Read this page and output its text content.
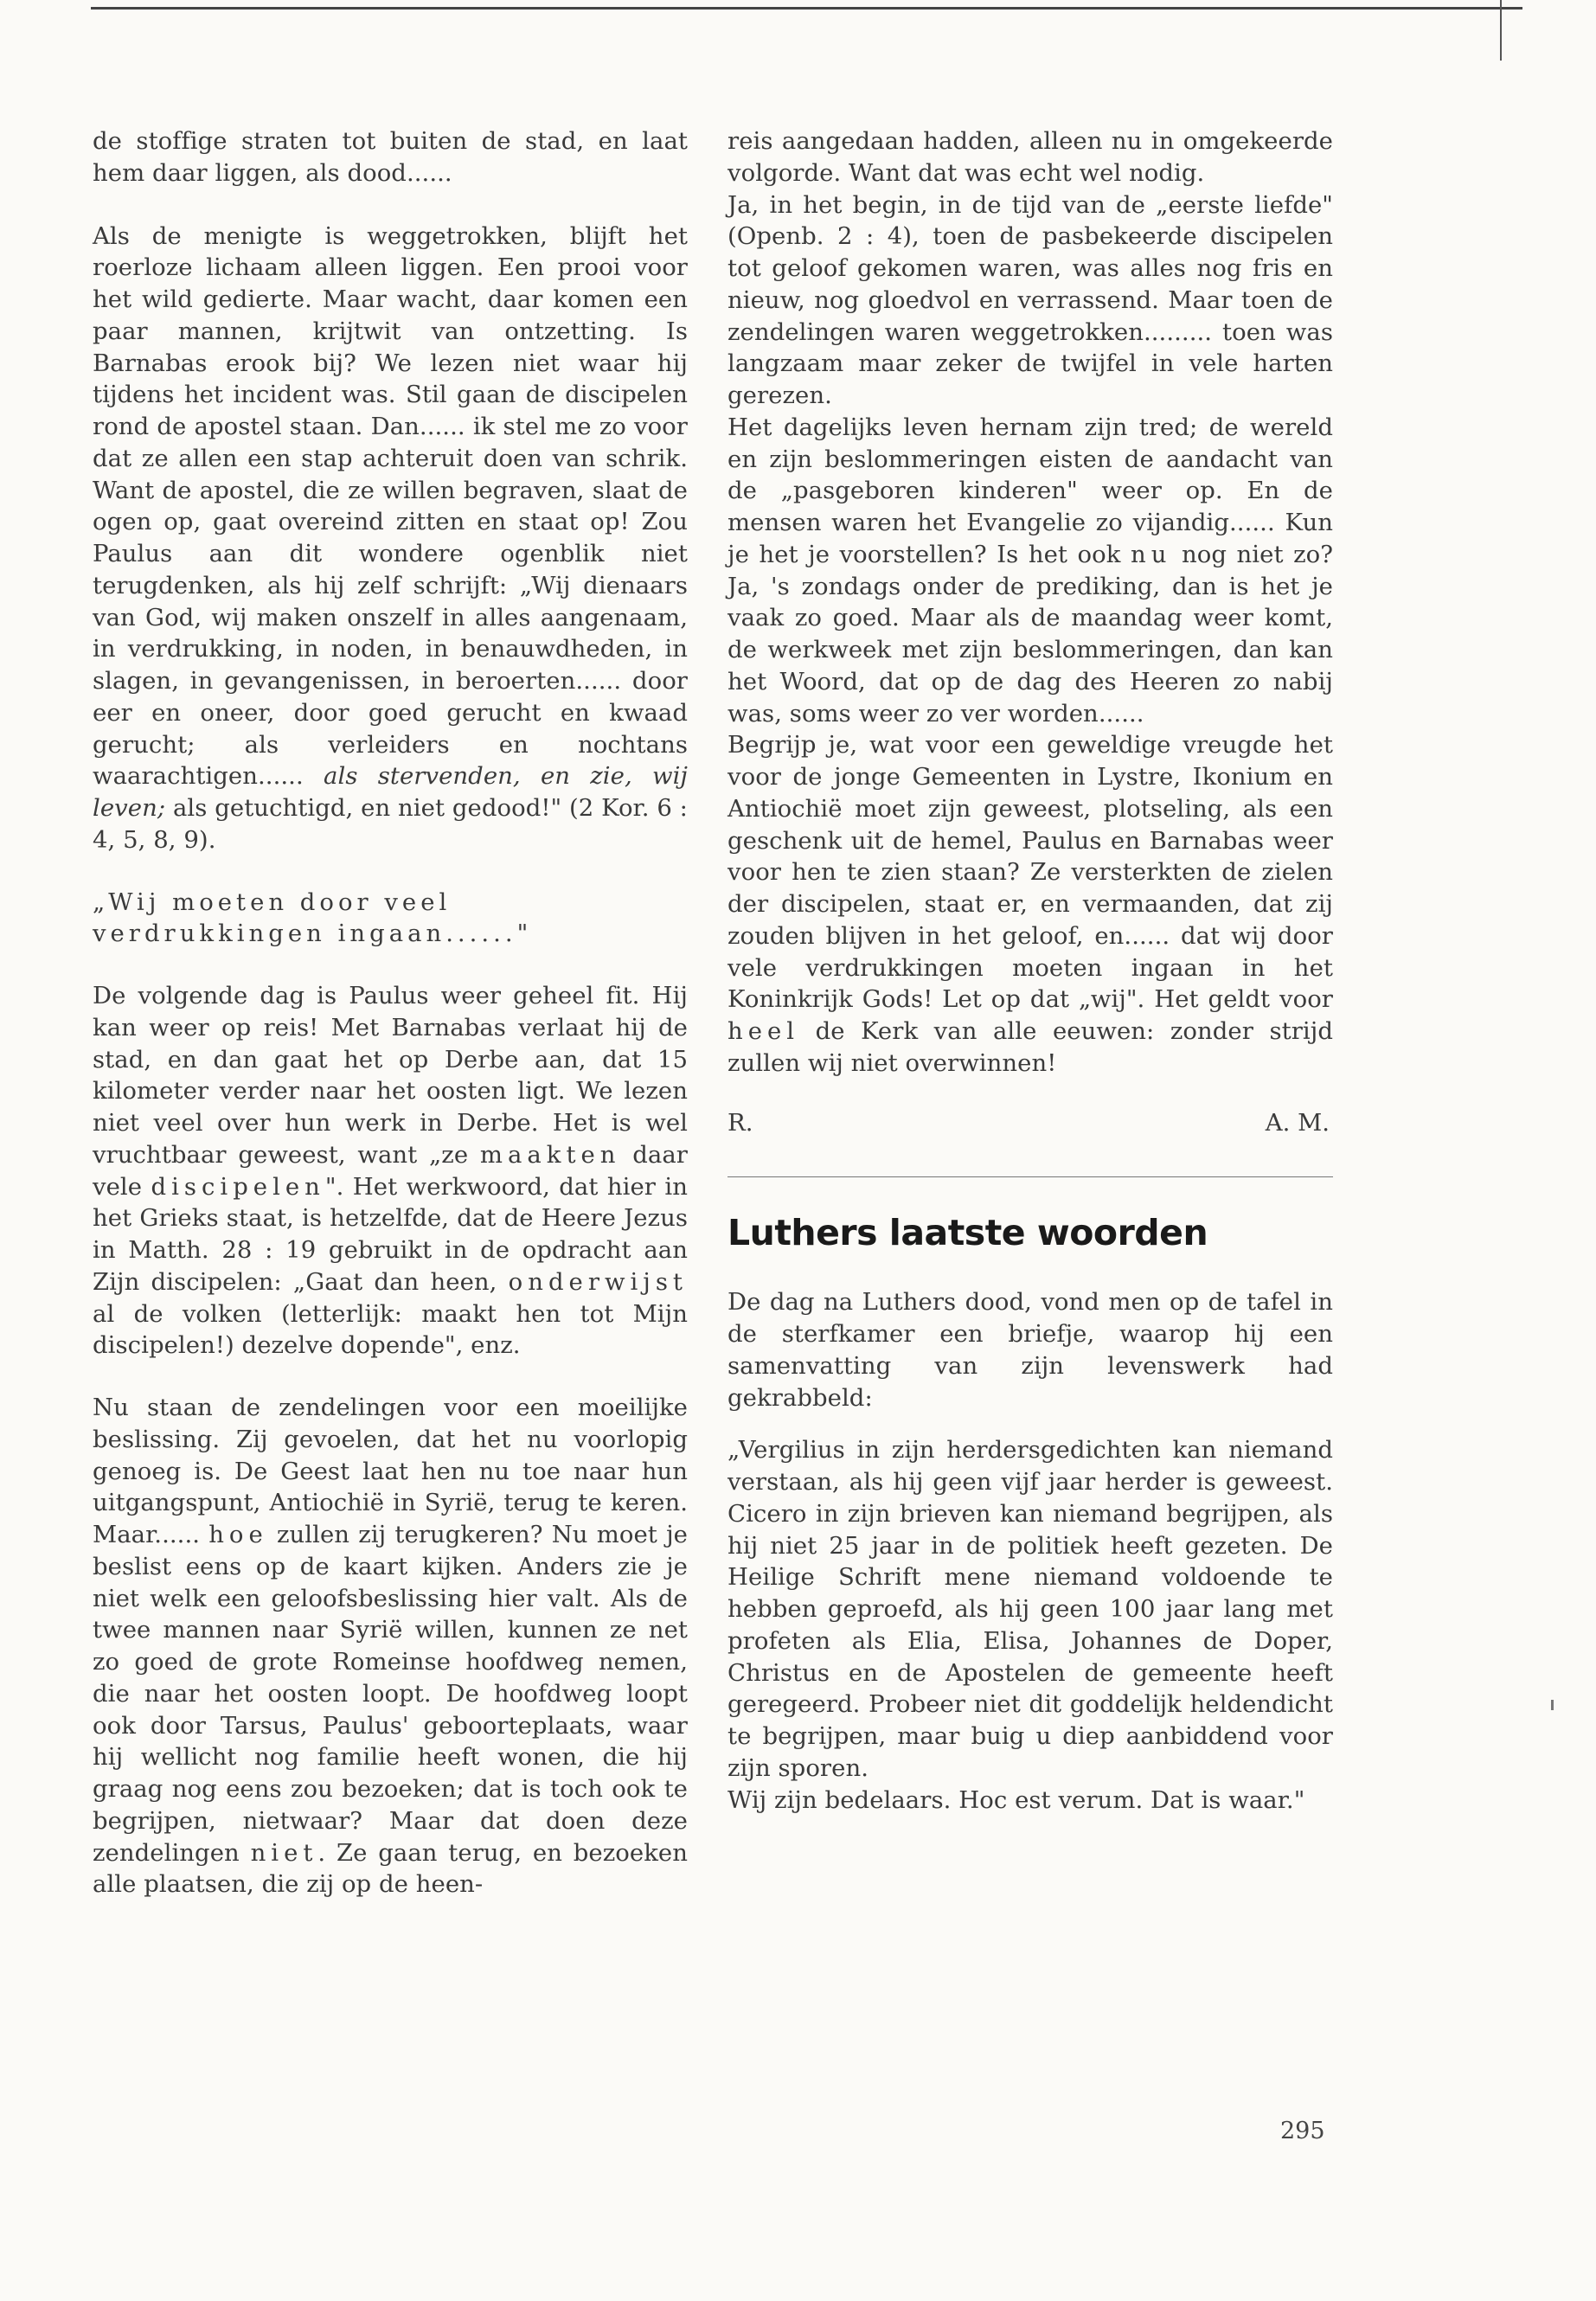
de stoffige straten tot buiten de stad, en laat hem daar liggen, als dood......

Als de menigte is weggetrokken, blijft het roerloze lichaam alleen liggen. Een prooi voor het wild gedierte. Maar wacht, daar komen een paar mannen, krijtwit van ontzetting. Is Barnabas erook bij? We lezen niet waar hij tijdens het incident was. Stil gaan de discipelen rond de apostel staan. Dan...... ik stel me zo voor dat ze allen een stap achteruit doen van schrik. Want de apostel, die ze willen begraven, slaat de ogen op, gaat overeind zitten en staat op! Zou Paulus aan dit wondere ogenblik niet terugdenken, als hij zelf schrijft: „Wij dienaars van God, wij maken onszelf in alles aangenaam, in verdrukking, in noden, in benauwdheden, in slagen, in gevangenissen, in beroerten...... door eer en oneer, door goed gerucht en kwaad gerucht; als verleiders en nochtans waarachtigen...... als stervenden, en zie, wij leven; als getuchtigd, en niet gedood!" (2 Kor. 6 : 4, 5, 8, 9).

„Wij moeten door veel verdrukkingen ingaan......"

De volgende dag is Paulus weer geheel fit. Hij kan weer op reis! Met Barnabas verlaat hij de stad, en dan gaat het op Derbe aan, dat 15 kilometer verder naar het oosten ligt. We lezen niet veel over hun werk in Derbe. Het is wel vruchtbaar geweest, want „ze maakten daar vele discipelen". Het werkwoord, dat hier in het Grieks staat, is hetzelfde, dat de Heere Jezus in Matth. 28 : 19 gebruikt in de opdracht aan Zijn discipelen: „Gaat dan heen, onderwijst al de volken (letterlijk: maakt hen tot Mijn discipelen!) dezelve dopende", enz.

Nu staan de zendelingen voor een moeilijke beslissing. Zij gevoelen, dat het nu voorlopig genoeg is. De Geest laat hen nu toe naar hun uitgangspunt, Antiochië in Syrië, terug te keren. Maar...... hoe zullen zij terugkeren? Nu moet je beslist eens op de kaart kijken. Anders zie je niet welk een geloofsbeslissing hier valt. Als de twee mannen naar Syrië willen, kunnen ze net zo goed de grote Romeinse hoofdweg nemen, die naar het oosten loopt. De hoofdweg loopt ook door Tarsus, Paulus' geboorteplaats, waar hij wellicht nog familie heeft wonen, die hij graag nog eens zou bezoeken; dat is toch ook te begrijpen, nietwaar? Maar dat doen deze zendelingen niet. Ze gaan terug, en bezoeken alle plaatsen, die zij op de heen-

reis aangedaan hadden, alleen nu in omgekeerde volgorde. Want dat was echt wel nodig.

Ja, in het begin, in de tijd van de „eerste liefde" (Openb. 2 : 4), toen de pasbekeerde discipelen tot geloof gekomen waren, was alles nog fris en nieuw, nog gloedvol en verrassend. Maar toen de zendelingen waren weggetrokken......... toen was langzaam maar zeker de twijfel in vele harten gerezen.

Het dagelijks leven hernam zijn tred; de wereld en zijn beslommeringen eisten de aandacht van de „pasgeboren kinderen" weer op. En de mensen waren het Evangelie zo vijandig...... Kun je het je voorstellen? Is het ook nu nog niet zo? Ja, 's zondags onder de prediking, dan is het je vaak zo goed. Maar als de maandag weer komt, de werkweek met zijn beslommeringen, dan kan het Woord, dat op de dag des Heeren zo nabij was, soms weer zo ver worden......

Begrijp je, wat voor een geweldige vreugde het voor de jonge Gemeenten in Lystre, Ikonium en Antiochië moet zijn geweest, plotseling, als een geschenk uit de hemel, Paulus en Barnabas weer voor hen te zien staan? Ze versterkten de zielen der discipelen, staat er, en vermaanden, dat zij zouden blijven in het geloof, en...... dat wij door vele verdrukkingen moeten ingaan in het Koninkrijk Gods! Let op dat „wij". Het geldt voor heel de Kerk van alle eeuwen: zonder strijd zullen wij niet overwinnen!

R.	A. M.
Luthers laatste woorden

De dag na Luthers dood, vond men op de tafel in de sterfkamer een briefje, waarop hij een samenvatting van zijn levenswerk had gekrabbeld:

„Vergilius in zijn herdersgedichten kan niemand verstaan, als hij geen vijf jaar herder is geweest. Cicero in zijn brieven kan niemand begrijpen, als hij niet 25 jaar in de politiek heeft gezeten. De Heilige Schrift mene niemand voldoende te hebben geproefd, als hij geen 100 jaar lang met profeten als Elia, Elisa, Johannes de Doper, Christus en de Apostelen de gemeente heeft geregeerd. Probeer niet dit goddelijk heldendicht te begrijpen, maar buig u diep aanbiddend voor zijn sporen.

Wij zijn bedelaars. Hoc est verum. Dat is waar."

295
